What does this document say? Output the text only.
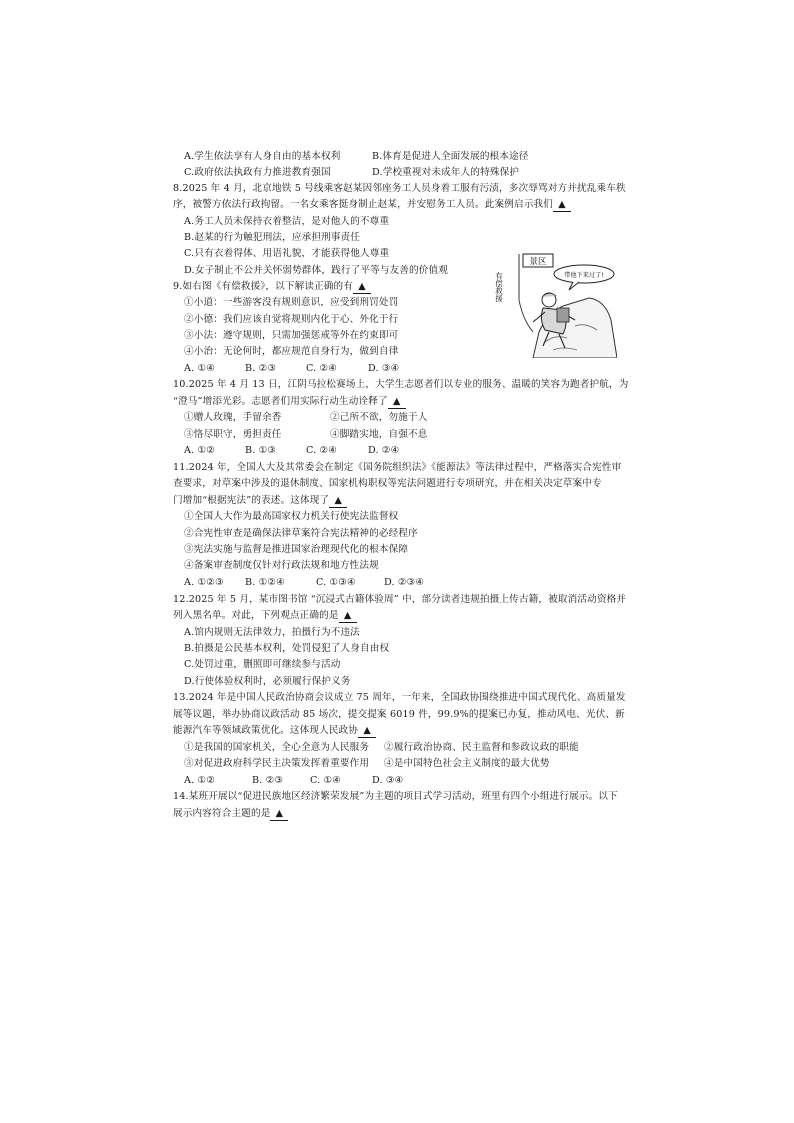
A.学生依法享有人身自由的基本权利	B.体育是促进人全面发展的根本途径
C.政府依法执政有力推进教育强国	D.学校重视对未成年人的特殊保护
8.2025 年 4 月，北京地铁 5 号线乘客赵某因邻座务工人员身着工服有污渍，多次辱骂对方并扰乱乘车秩
序，被警方依法行政拘留。一名女乘客挺身制止赵某，并安慰务工人员。此案例启示我们 ▲
A.务工人员未保持衣着整洁，是对他人的不尊重
B.赵某的行为触犯刑法，应承担刑事责任
C.只有衣着得体、用语礼貌，才能获得他人尊重
D.女子制止不公并关怀弱势群体，践行了平等与友善的价值观
9.如右图《有偿救援》，以下解读正确的有 ▲
①小道：一些游客没有规则意识，应受到刑罚处罚
②小德：我们应该自觉将规则内化于心、外化于行
③小法：遵守规则，只需加强惩戒等外在约束即可
④小治：无论何时，都应规范自身行为，做到自律
A. ①④	B. ②③	C. ②④	D. ③④
景区
有偿救援	带他下来过了!
10.2025 年 4 月 13 日，江阴马拉松赛场上，大学生志愿者们以专业的服务、温暖的笑容为跑者护航，为
“澄马”增添光彩。志愿者们用实际行动生动诠释了 ▲
①赠人玫瑰，手留余香	②己所不欲，勿施于人
③恪尽职守，勇担责任	④脚踏实地，自强不息
A. ①②	B. ①③	C. ②④	D. ②④
11.2024 年，全国人大及其常委会在制定《国务院组织法》《能源法》等法律过程中，严格落实合宪性审
查要求，对草案中涉及的退休制度、国家机构职权等宪法问题进行专项研究，并在相关决定草案中专
门增加“根据宪法”的表述。这体现了 ▲
①全国人大作为最高国家权力机关行使宪法监督权
②合宪性审查是确保法律草案符合宪法精神的必经程序
③宪法实施与监督是推进国家治理现代化的根本保障
④备案审查制度仅针对行政法规和地方性法规
A. ①②③ B. ①②④	C. ①③④	D. ②③④
12.2025 年 5 月，某市图书馆 “沉浸式古籍体验周” 中，部分读者违规拍摄上传古籍，被取消活动资格并
列入黑名单。对此，下列观点正确的是 ▲
A.馆内规则无法律效力，拍摄行为不违法
B.拍摄是公民基本权利，处罚侵犯了人身自由权
C.处罚过重，删照即可继续参与活动
D.行使体验权利时，必须履行保护义务
13.2024 年是中国人民政治协商会议成立 75 周年，一年来，全国政协围绕推进中国式现代化、高质量发
展等议题，举办协商议政活动 85 场次，提交提案 6019 件，99.9%的提案已办复，推动风电、光伏、新
能源汽车等领域政策优化。这体现人民政协 ▲
①是我国的国家机关，全心全意为人民服务 ②履行政治协商、民主监督和参政议政的职能
③对促进政府科学民主决策发挥着重要作用 ④是中国特色社会主义制度的最大优势
A. ①②	B. ②③	C. ①④	D. ③④
14.某班开展以“促进民族地区经济繁荣发展”为主题的项目式学习活动，班里有四个小组进行展示。以下
展示内容符合主题的是 ▲
